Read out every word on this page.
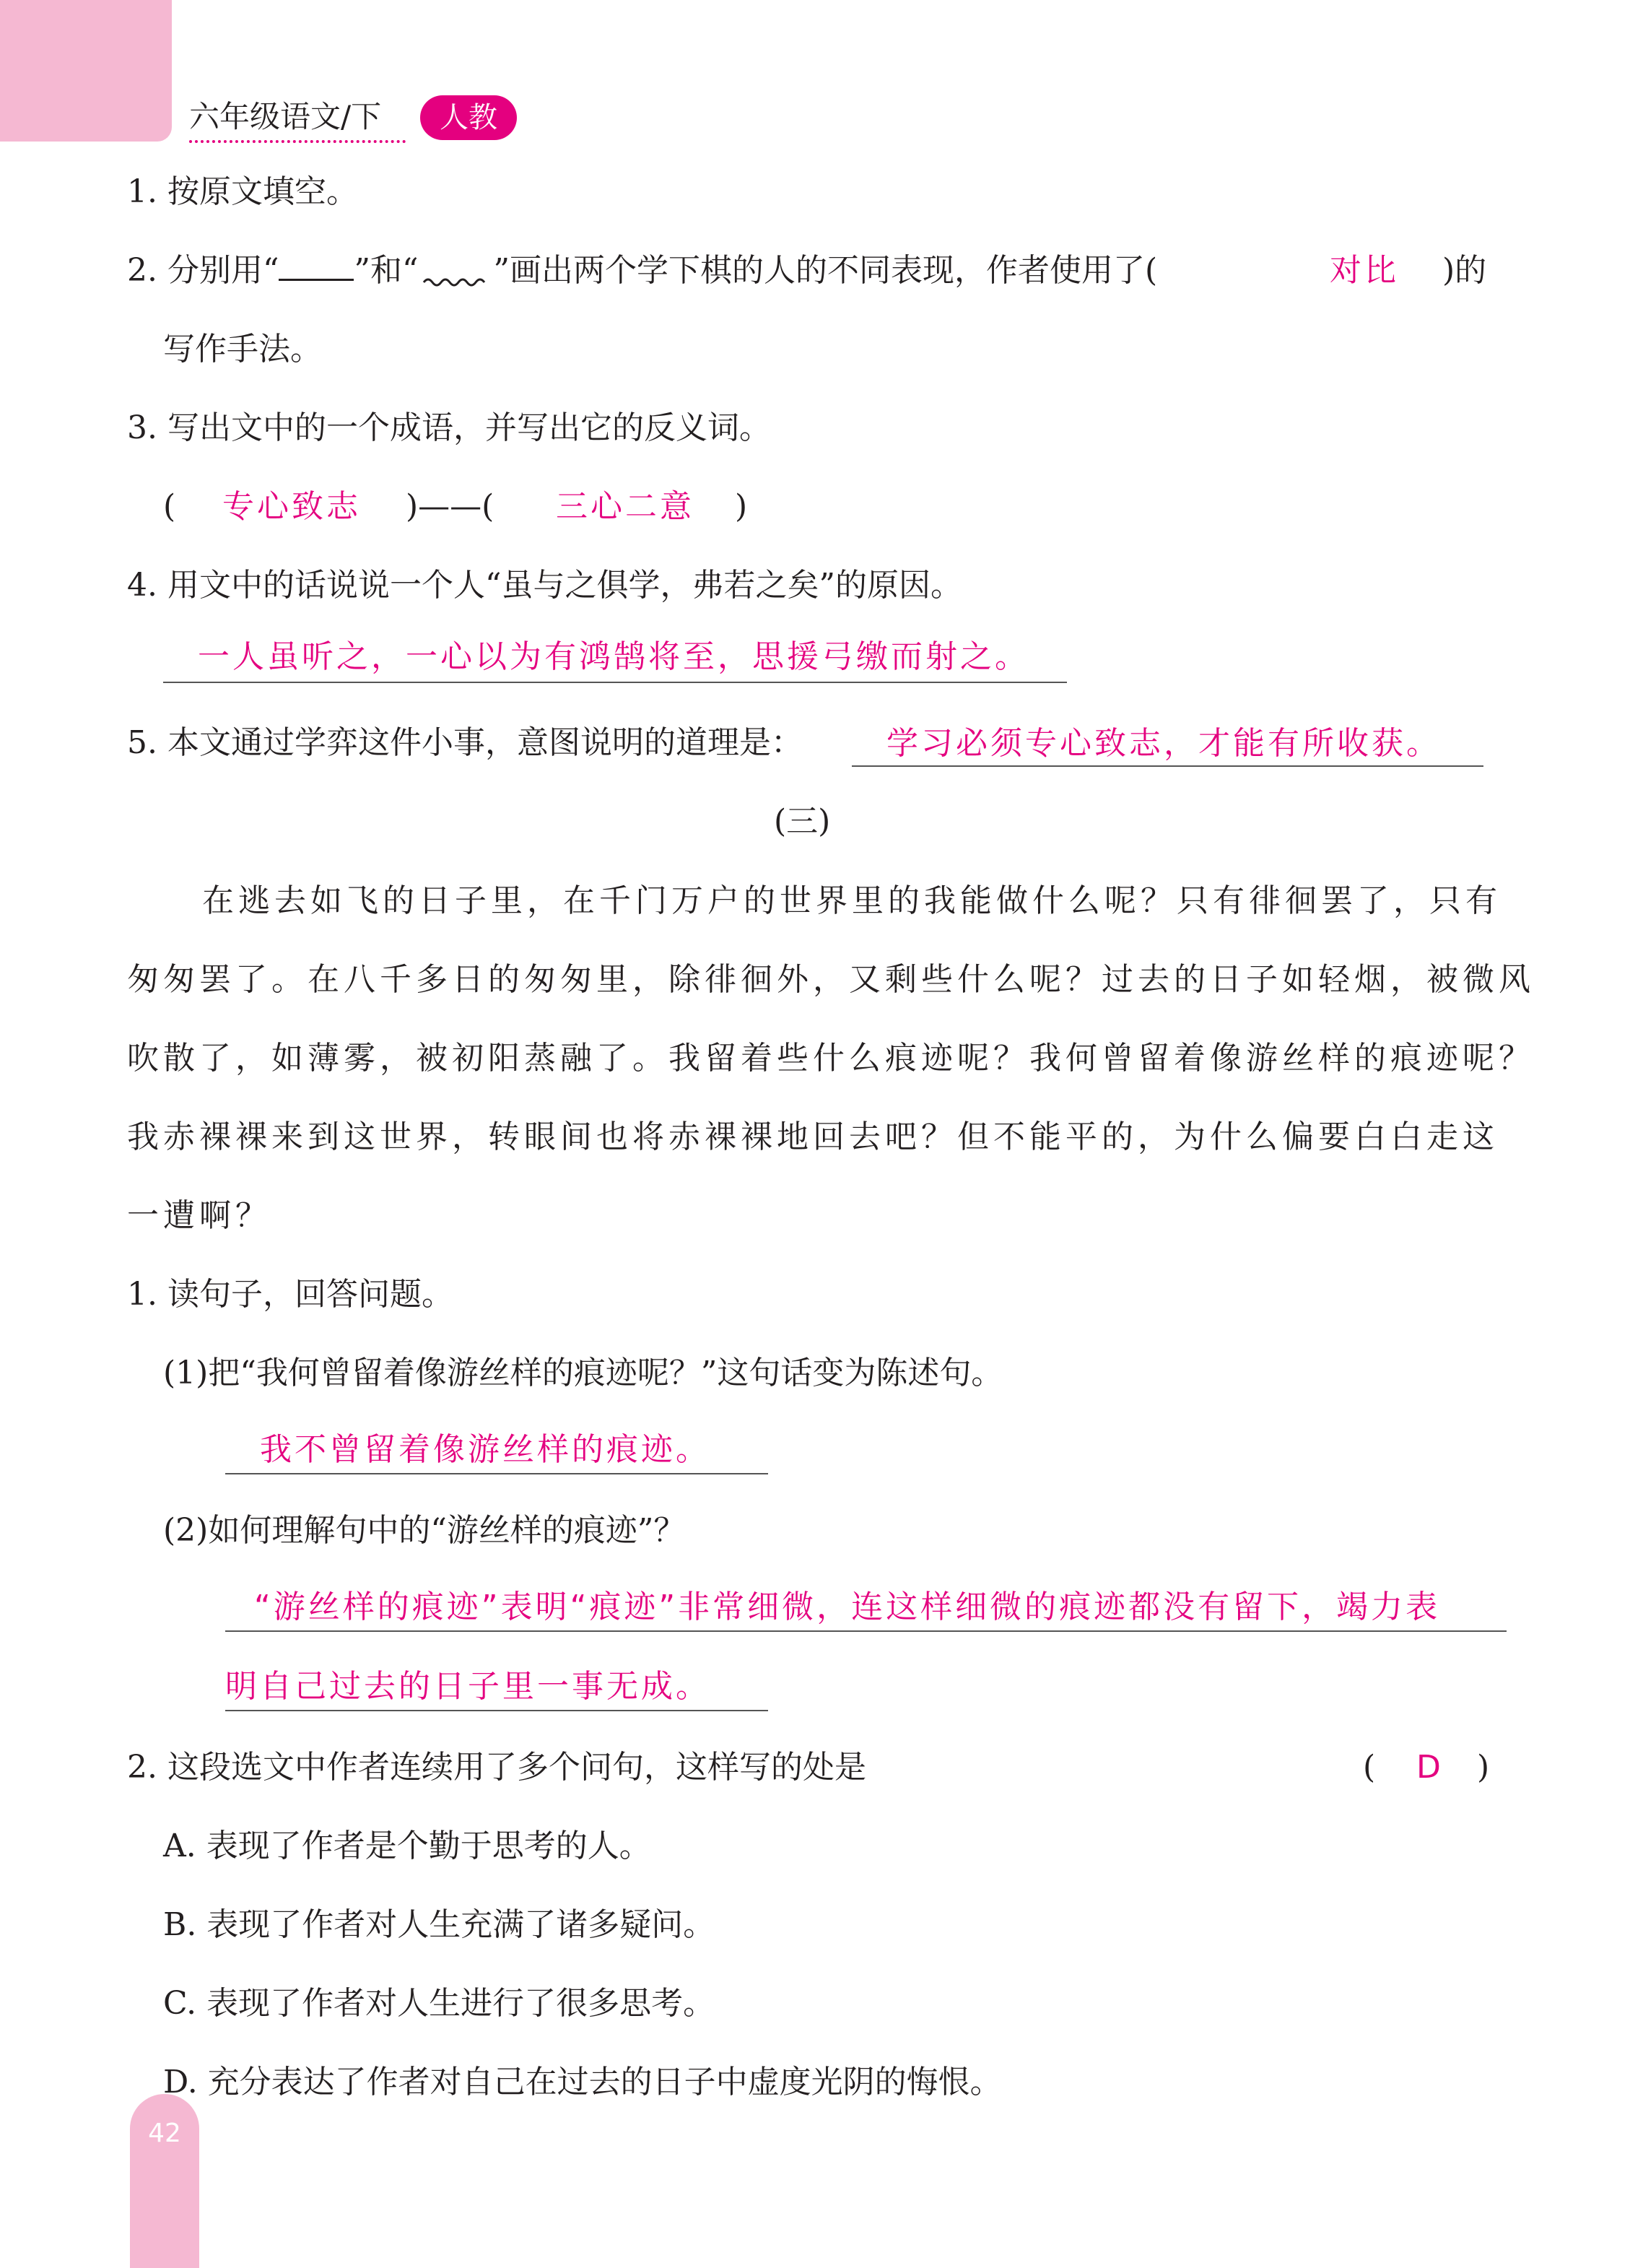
六年级语文/下	人教
1. 按原文填空。
2. 分别用“ ”和“ ”画出两个学下棋的人的不同表现，作者使用了(	对比 )的
写作手法。
3. 写出文中的一个成语，并写出它的反义词。
( 专心致志 )——( 三心二意 )
4. 用文中的话说说一个人“虽与之俱学，弗若之矣”的原因。
一人虽听之，一心以为有鸿鹄将至，思援弓缴而射之。
5. 本文通过学弈这件小事，意图说明的道理是：	学习必须专心致志，才能有所收获。
(三)
在逃去如飞的日子里，在千门万户的世界里的我能做什么呢？只有徘徊罢了，只有
匆匆罢了。在八千多日的匆匆里，除徘徊外，又剩些什么呢？过去的日子如轻烟，被微风
吹散了，如薄雾，被初阳蒸融了。我留着些什么痕迹呢？我何曾留着像游丝样的痕迹呢？
我赤裸裸来到这世界，转眼间也将赤裸裸地回去吧？但不能平的，为什么偏要白白走这
一遭啊？
1. 读句子，回答问题。
(1)把“我何曾留着像游丝样的痕迹呢？”这句话变为陈述句。
我不曾留着像游丝样的痕迹。
(2)如何理解句中的“游丝样的痕迹”？
“游丝样的痕迹”表明“痕迹”非常细微，连这样细微的痕迹都没有留下，竭力表
明自己过去的日子里一事无成。
2. 这段选文中作者连续用了多个问句，这样写的处是	( D )
A. 表现了作者是个勤于思考的人。
B. 表现了作者对人生充满了诸多疑问。
C. 表现了作者对人生进行了很多思考。
D. 充分表达了作者对自己在过去的日子中虚度光阴的悔恨。
42
